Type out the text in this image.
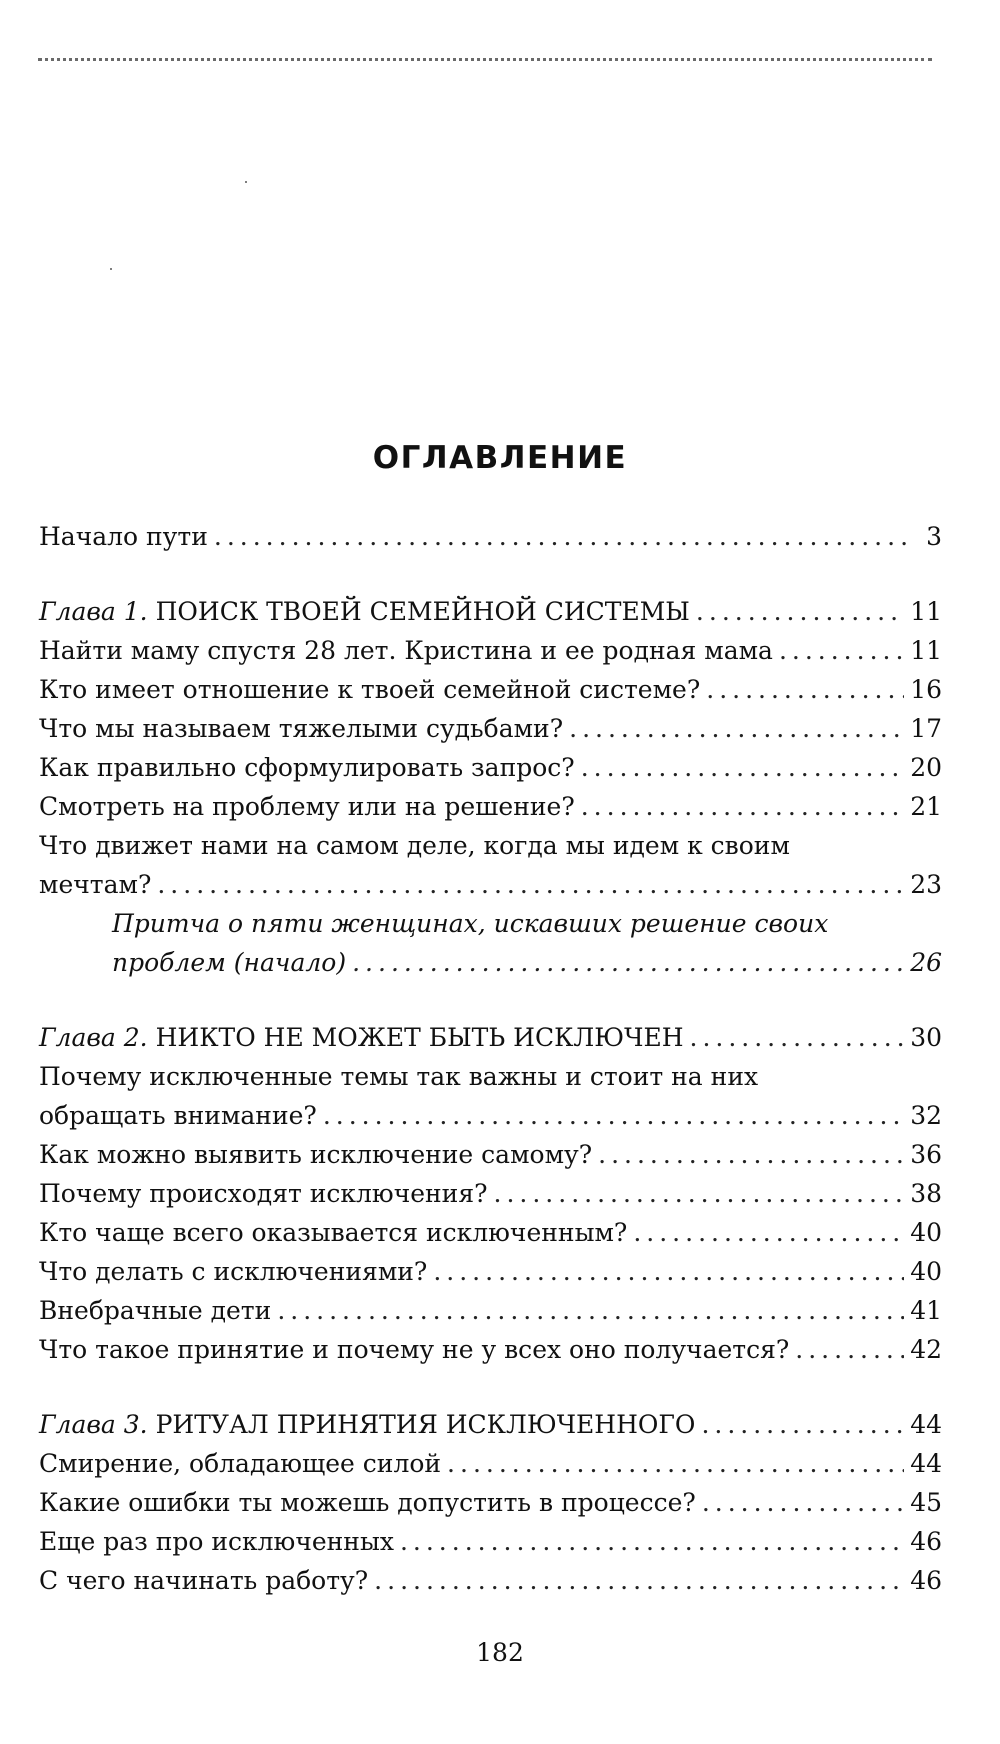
ОГЛАВЛЕНИЕ
Начало пути .....	3
Глава 1. ПОИСК ТВОЕЙ СЕМЕЙНОЙ СИСТЕМЫ .....	11
Найти маму спустя 28 лет. Кристина и ее родная мама .....	11
Кто имеет отношение к твоей семейной системе? .....	16
Что мы называем тяжелыми судьбами? .....	17
Как правильно сформулировать запрос? .....	20
Смотреть на проблему или на решение? .....	21
Что движет нами на самом деле, когда мы идем к своим
мечтам? .....	23
Притча о пяти женщинах, искавших решение своих
проблем (начало) .....	26
Глава 2. НИКТО НЕ МОЖЕТ БЫТЬ ИСКЛЮЧЕН .....	30
Почему исключенные темы так важны и стоит на них
обращать внимание? .....	32
Как можно выявить исключение самому? .....	36
Почему происходят исключения? .....	38
Кто чаще всего оказывается исключенным? .....	40
Что делать с исключениями? .....	40
Внебрачные дети .....	41
Что такое принятие и почему не у всех оно получается? .....	42
Глава 3. РИТУАЛ ПРИНЯТИЯ ИСКЛЮЧЕННОГО .....	44
Смирение, обладающее силой .....	44
Какие ошибки ты можешь допустить в процессе? .....	45
Еще раз про исключенных .....	46
С чего начинать работу? .....	46
182
